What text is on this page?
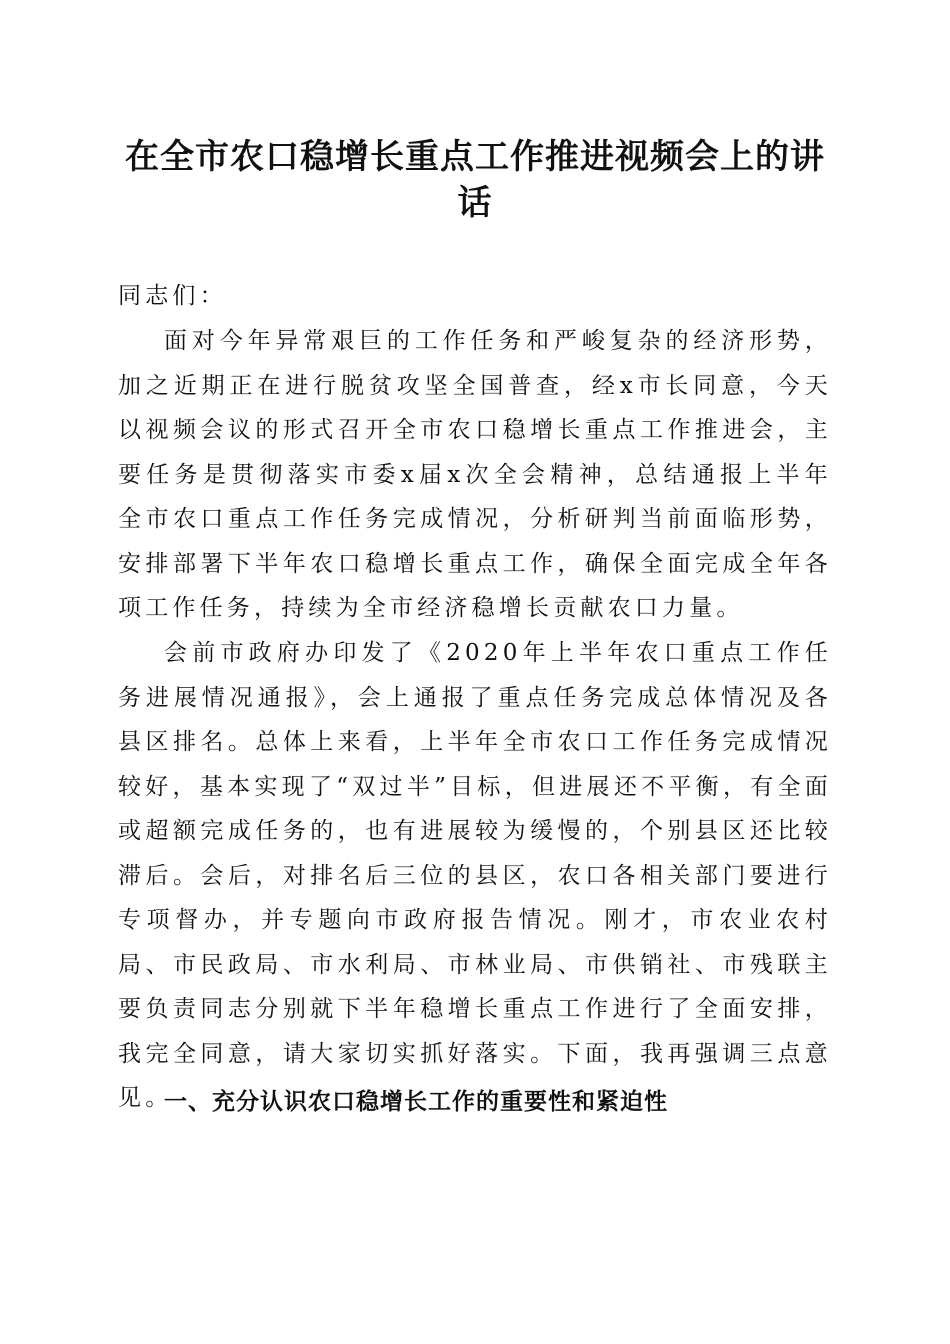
在全市农口稳增长重点工作推进视频会上的讲话

同志们：

面对今年异常艰巨的工作任务和严峻复杂的经济形势，加之近期正在进行脱贫攻坚全国普查，经x市长同意，今天以视频会议的形式召开全市农口稳增长重点工作推进会，主要任务是贯彻落实市委x届x次全会精神，总结通报上半年全市农口重点工作任务完成情况，分析研判当前面临形势，安排部署下半年农口稳增长重点工作，确保全面完成全年各项工作任务，持续为全市经济稳增长贡献农口力量。

会前市政府办印发了《2020年上半年农口重点工作任务进展情况通报》，会上通报了重点任务完成总体情况及各县区排名。总体上来看，上半年全市农口工作任务完成情况较好，基本实现了“双过半”目标，但进展还不平衡，有全面或超额完成任务的，也有进展较为缓慢的，个别县区还比较滞后。会后，对排名后三位的县区，农口各相关部门要进行专项督办，并专题向市政府报告情况。刚才，市农业农村局、市民政局、市水利局、市林业局、市供销社、市残联主要负责同志分别就下半年稳增长重点工作进行了全面安排，我完全同意，请大家切实抓好落实。下面，我再强调三点意见。

一、充分认识农口稳增长工作的重要性和紧迫性
